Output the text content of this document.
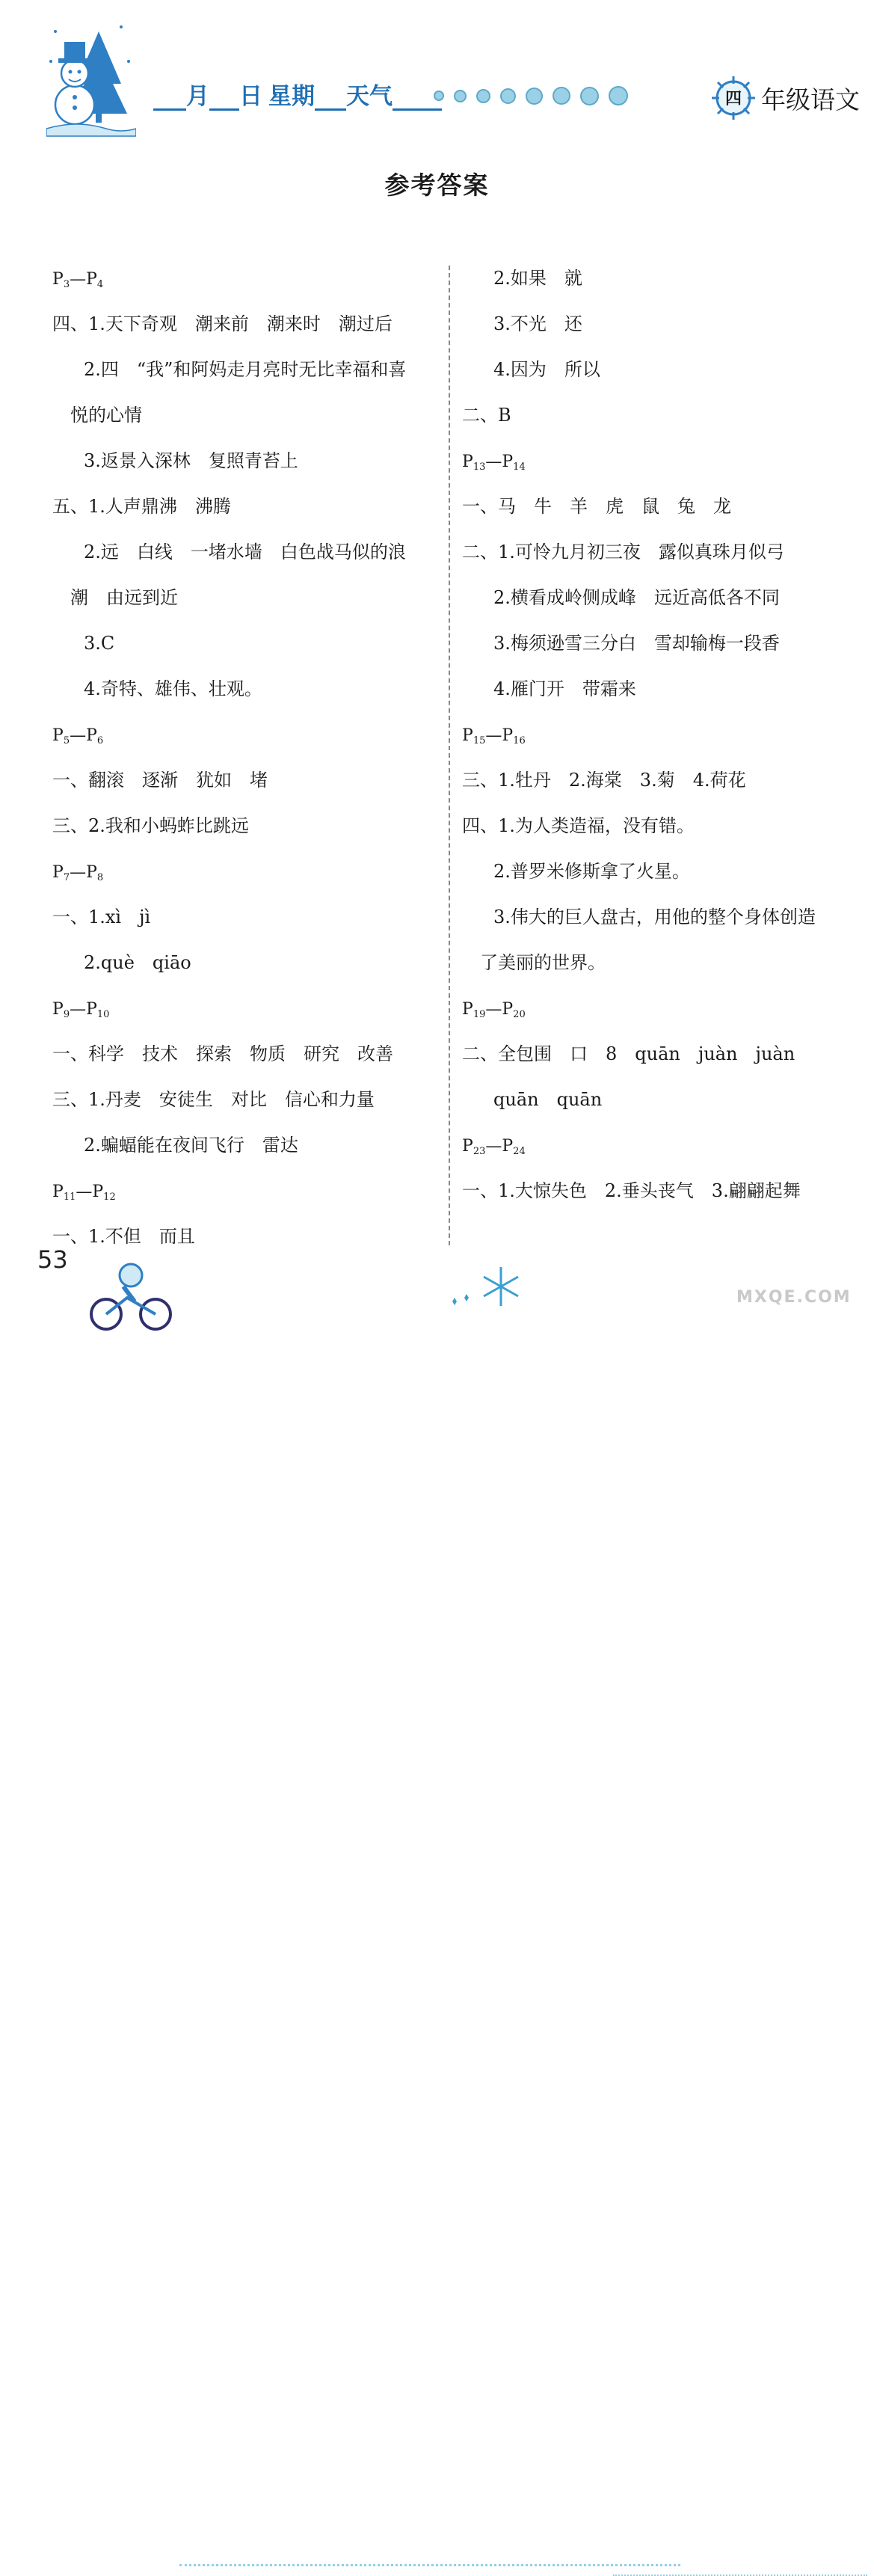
月 日 星期 天气	四 年级语文
参考答案
$P_3—P_4$
四、1.天下奇观　潮来前　潮来时　潮过后
2.四　“我”和阿妈走月亮时无比幸福和喜
　悦的心情
3.返景入深林　复照青苔上
五、1.人声鼎沸　沸腾
2.远　白线　一堵水墙　白色战马似的浪
　潮　由远到近
3.C
4.奇特、雄伟、壮观。
$P_5—P_6$
一、翻滚　逐渐　犹如　堵
三、2.我和小蚂蚱比跳远
$P_7—P_8$
一、1.xì　jì
2.què　qiāo
$P_9—P_{10}$
一、科学　技术　探索　物质　研究　改善
三、1.丹麦　安徒生　对比　信心和力量
2.蝙蝠能在夜间飞行　雷达
$P_{11}—P_{12}$
一、1.不但　而且
2.如果　就
3.不光　还
4.因为　所以
二、B
$P_{13}—P_{14}$
一、马　牛　羊　虎　鼠　兔　龙
二、1.可怜九月初三夜　露似真珠月似弓
2.横看成岭侧成峰　远近高低各不同
3.梅须逊雪三分白　雪却输梅一段香
4.雁门开　带霜来
$P_{15}—P_{16}$
三、1.牡丹　2.海棠　3.菊　4.荷花
四、1.为人类造福，没有错。
2.普罗米修斯拿了火星。
3.伟大的巨人盘古，用他的整个身体创造
　了美丽的世界。
$P_{19}—P_{20}$
二、全包围　口　8　quān　juàn　juàn
quān　quān
$P_{23}—P_{24}$
一、1.大惊失色　2.垂头丧气　3.翩翩起舞
53
MXQE.COM
